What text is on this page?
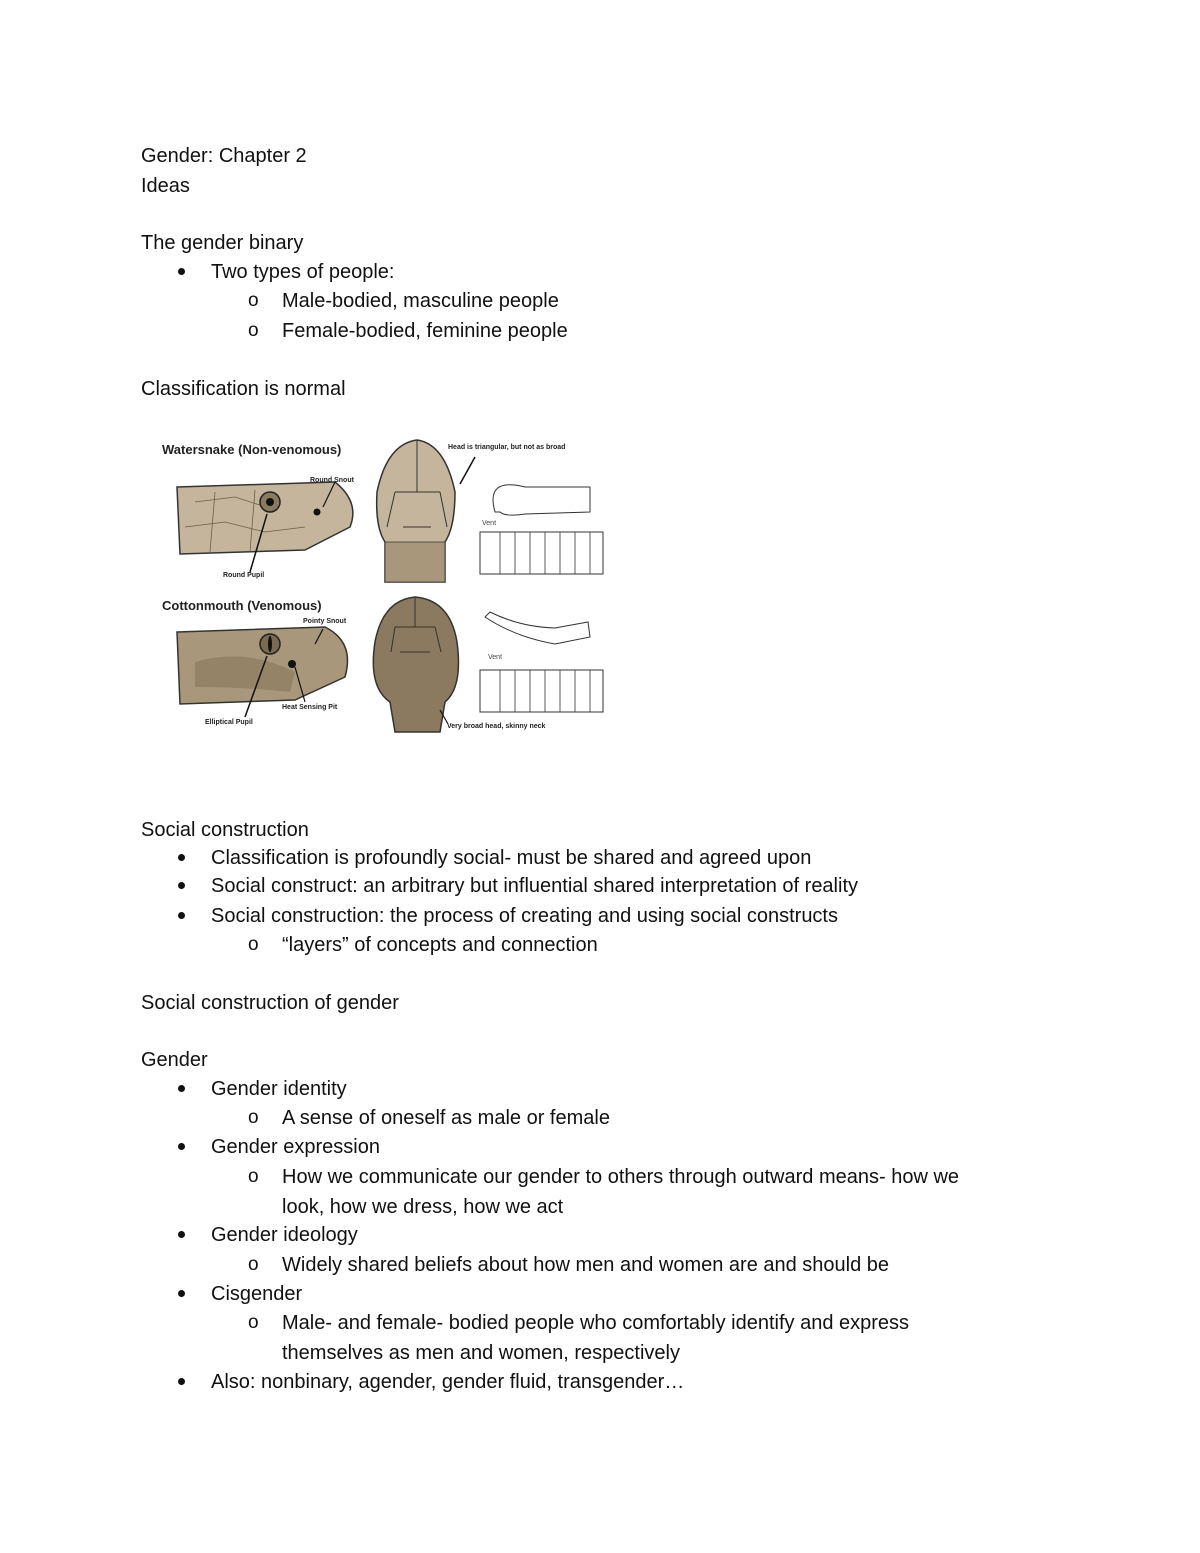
Gender: Chapter 2
Ideas
The gender binary
Two types of people:
o Male-bodied, masculine people
o Female-bodied, feminine people
Classification is normal
Watersnake (Non-venomous)
Round Snout
Round Pupil
Head is triangular, but not as broad
Vent
Cottonmouth (Venomous)
Pointy Snout
Elliptical Pupil
Heat Sensing Pit
Very broad head, skinny neck
Vent
Social construction
Classification is profoundly social- must be shared and agreed upon
Social construct: an arbitrary but influential shared interpretation of reality
Social construction: the process of creating and using social constructs
o “layers” of concepts and connection
Social construction of gender
Gender
Gender identity
o A sense of oneself as male or female
Gender expression
o How we communicate our gender to others through outward means- how we
look, how we dress, how we act
Gender ideology
o Widely shared beliefs about how men and women are and should be
Cisgender
o Male- and female- bodied people who comfortably identify and express
themselves as men and women, respectively
Also: nonbinary, agender, gender fluid, transgender…
